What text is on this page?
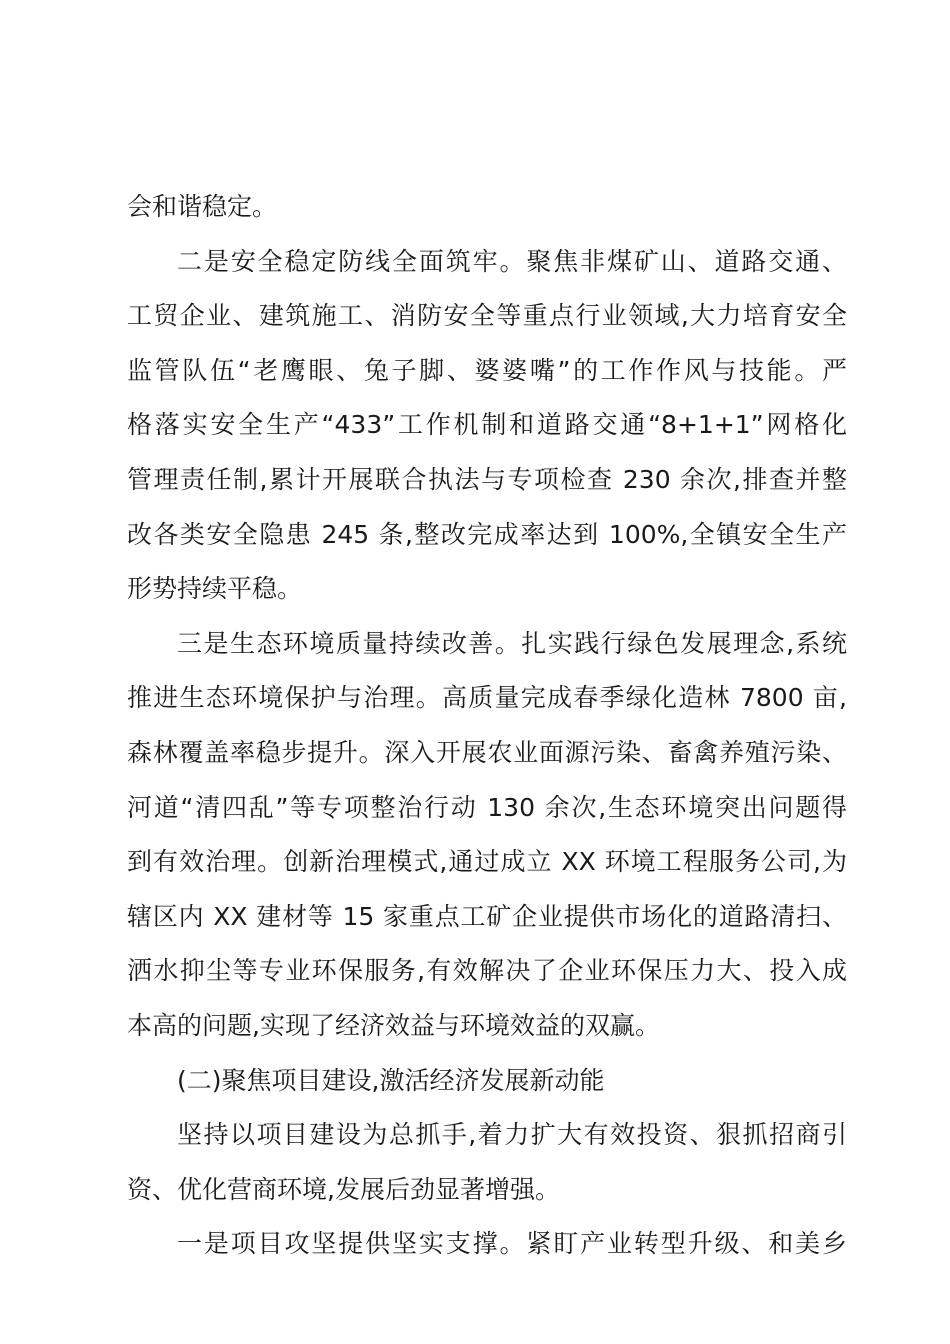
会和谐稳定。
二是安全稳定防线全面筑牢。聚焦非煤矿山、道路交通、
工贸企业、建筑施工、消防安全等重点行业领域,大力培育安全
监管队伍“老鹰眼、兔子脚、婆婆嘴”的工作作风与技能。严
格落实安全生产“433”工作机制和道路交通“8+1+1”网格化
管理责任制,累计开展联合执法与专项检查 230 余次,排查并整
改各类安全隐患 245 条,整改完成率达到 100%,全镇安全生产
形势持续平稳。
三是生态环境质量持续改善。扎实践行绿色发展理念,系统
推进生态环境保护与治理。高质量完成春季绿化造林 7800 亩,
森林覆盖率稳步提升。深入开展农业面源污染、畜禽养殖污染、
河道“清四乱”等专项整治行动 130 余次,生态环境突出问题得
到有效治理。创新治理模式,通过成立 XX 环境工程服务公司,为
辖区内 XX 建材等 15 家重点工矿企业提供市场化的道路清扫、
洒水抑尘等专业环保服务,有效解决了企业环保压力大、投入成
本高的问题,实现了经济效益与环境效益的双赢。
(二)聚焦项目建设,激活经济发展新动能
坚持以项目建设为总抓手,着力扩大有效投资、狠抓招商引
资、优化营商环境,发展后劲显著增强。
一是项目攻坚提供坚实支撑。紧盯产业转型升级、和美乡
